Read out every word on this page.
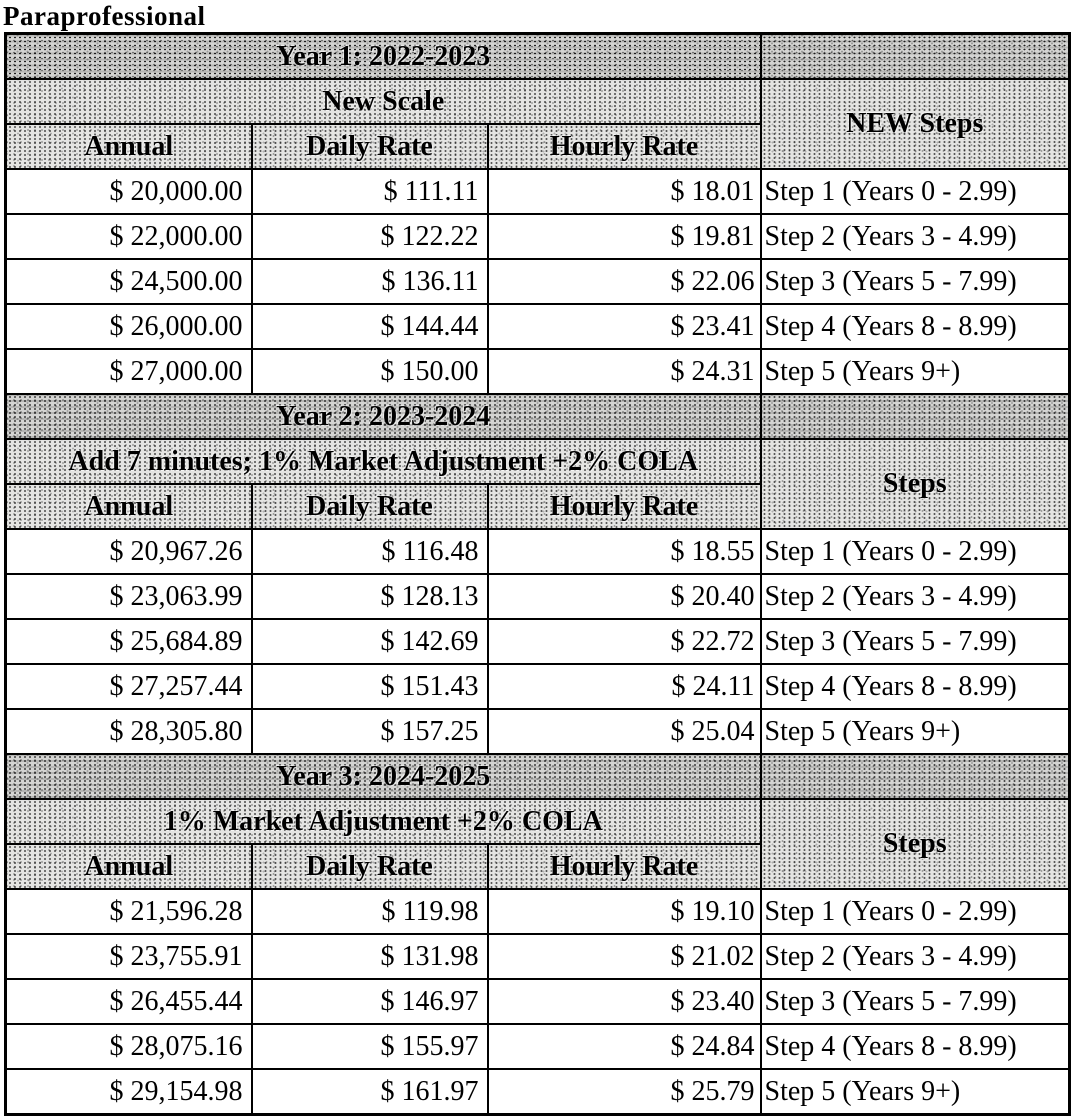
Paraprofessional
Year 1: 2022-2023			
New Scale			NEW Steps
Annual	Daily Rate	Hourly Rate	
$ 20,000.00	$ 111.11	$ 18.01	Step 1 (Years 0 - 2.99)
$ 22,000.00	$ 122.22	$ 19.81	Step 2 (Years 3 - 4.99)
$ 24,500.00	$ 136.11	$ 22.06	Step 3 (Years 5 - 7.99)
$ 26,000.00	$ 144.44	$ 23.41	Step 4 (Years 8 - 8.99)
$ 27,000.00	$ 150.00	$ 24.31	Step 5 (Years 9+)
Year 2: 2023-2024			
Add 7 minutes; 1% Market Adjustment +2% COLA			Steps
Annual	Daily Rate	Hourly Rate	
$ 20,967.26	$ 116.48	$ 18.55	Step 1 (Years 0 - 2.99)
$ 23,063.99	$ 128.13	$ 20.40	Step 2 (Years 3 - 4.99)
$ 25,684.89	$ 142.69	$ 22.72	Step 3 (Years 5 - 7.99)
$ 27,257.44	$ 151.43	$ 24.11	Step 4 (Years 8 - 8.99)
$ 28,305.80	$ 157.25	$ 25.04	Step 5 (Years 9+)
Year 3: 2024-2025			
1% Market Adjustment +2% COLA			Steps
Annual	Daily Rate	Hourly Rate	
$ 21,596.28	$ 119.98	$ 19.10	Step 1 (Years 0 - 2.99)
$ 23,755.91	$ 131.98	$ 21.02	Step 2 (Years 3 - 4.99)
$ 26,455.44	$ 146.97	$ 23.40	Step 3 (Years 5 - 7.99)
$ 28,075.16	$ 155.97	$ 24.84	Step 4 (Years 8 - 8.99)
$ 29,154.98	$ 161.97	$ 25.79	Step 5 (Years 9+)
